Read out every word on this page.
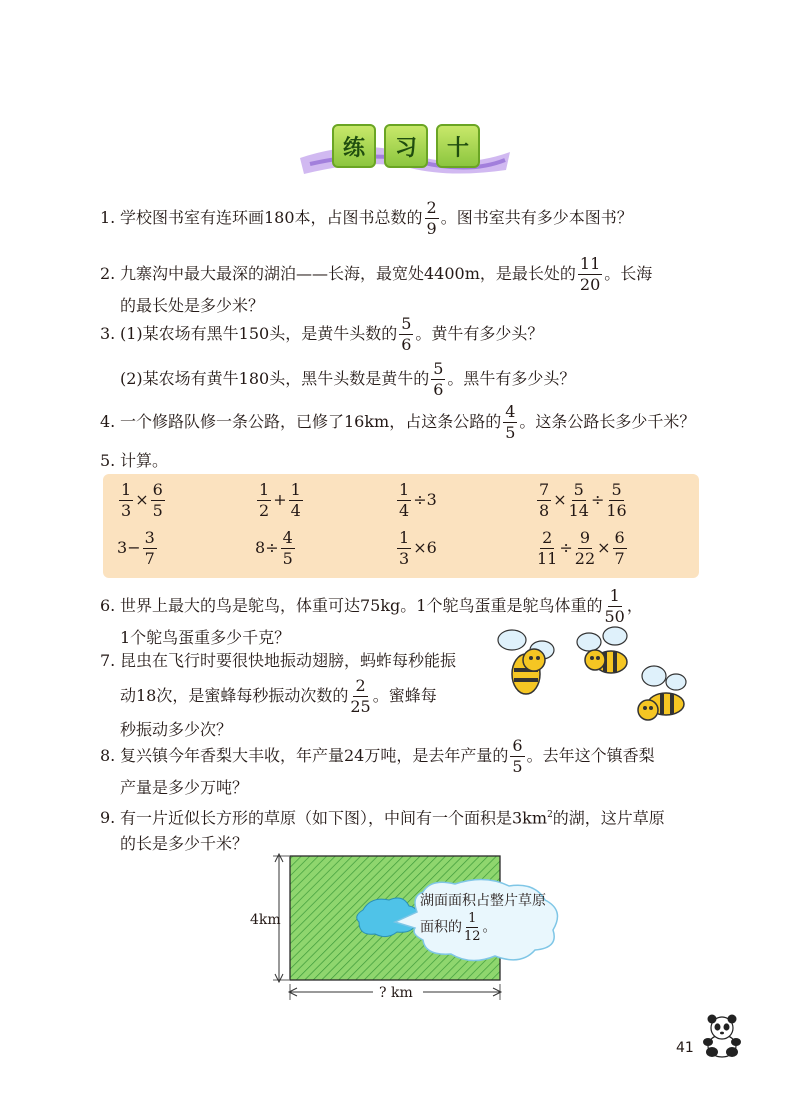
练	习	十
1. 学校图书室有连环画180本，占图书总数的 $\frac{2}{9}$ 。图书室共有多少本图书？
2. 九寨沟中最大最深的湖泊——长海，最宽处4400m，是最长处的 $\frac{11}{20}$ 。长海
的最长处是多少米？
3. (1)某农场有黑牛150头，是黄牛头数的 $\frac{5}{6}$ 。黄牛有多少头？
(2)某农场有黄牛180头，黑牛头数是黄牛的 $\frac{5}{6}$ 。黑牛有多少头？
4. 一个修路队修一条公路，已修了16km，占这条公路的 $\frac{4}{5}$ 。这条公路长多少千米？
5. 计算。
$\frac{1}{3} \times \frac{6}{5}$	$\frac{1}{2} + \frac{1}{4}$	$\frac{1}{4} \div 3$	$\frac{7}{8} \times \frac{5}{14} \div \frac{5}{16}$
$3- \frac{3}{7}$	$8\div \frac{4}{5}$	$\frac{1}{3} \times 6$	$\frac{2}{11} \div \frac{9}{22} \times \frac{6}{7}$
6. 世界上最大的鸟是鸵鸟，体重可达75kg。1个鸵鸟蛋重是鸵鸟体重的 $\frac{1}{50}$ ，
1个鸵鸟蛋重多少千克？
7. 昆虫在飞行时要很快地振动翅膀，蚂蚱每秒能振
动18次，是蜜蜂每秒振动次数的 $\frac{2}{25}$ 。蜜蜂每
秒振动多少次？
8. 复兴镇今年香梨大丰收，年产量24万吨，是去年产量的 $\frac{6}{5}$ 。去年这个镇香梨
产量是多少万吨？
9. 有一片近似长方形的草原（如下图），中间有一个面积是$3km^2$的湖，这片草原
的长是多少千米？
4km
? km
湖面面积占整片草原
面积的 $\frac{1}{12}$ 。
41
